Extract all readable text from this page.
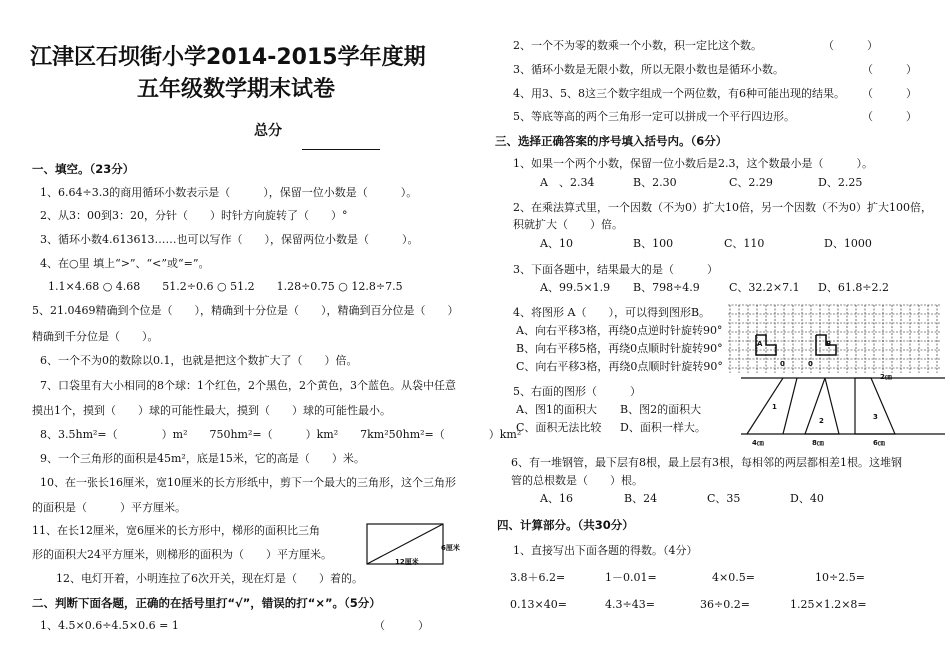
江津区石坝街小学2014-2015学年度期
五年级数学期末试卷
总分
一、填空。（23分）
1、6.64÷3.3的商用循环小数表示是（　　　），保留一位小数是（　　　）。
2、从3：00到3：20，分针（　　）时针方向旋转了（　　）°
3、循环小数4.613613……也可以写作（　　），保留两位小数是（　　　）。
4、在○里 填上“>”、“<”或“=”。
1.1×4.68 ○ 4.68　　51.2÷0.6 ○ 51.2　　1.28÷0.75 ○ 12.8÷7.5
5、21.0469精确到个位是（　　），精确到十分位是（　　），精确到百分位是（　　）
精确到千分位是（　　）。
6、一个不为0的数除以0.1，也就是把这个数扩大了（　　）倍。
7、口袋里有大小相同的8个球：1个红色，2个黑色，2个黄色，3个蓝色。从袋中任意
摸出1个，摸到（　　）球的可能性最大，摸到（　　）球的可能性最小。
8、3.5hm²=（　　　　）m²　　750hm²=（　　　）km²　　7km²50hm²=（　　　　）km²
9、一个三角形的面积是45m²，底是15米，它的高是（　　）米。
10、在一张长16厘米，宽10厘米的长方形纸中，剪下一个最大的三角形，这个三角形
的面积是（　　　）平方厘米。
11、在长12厘米，宽6厘米的长方形中，梯形的面积比三角
形的面积大24平方厘米，则梯形的面积为（　　）平方厘米。	6厘米
12厘米
12、电灯开着，小明连拉了6次开关，现在灯是（　　）着的。
二、判断下面各题，正确的在括号里打“√”，错误的打“×”。（5分）
1、4.5×0.6÷4.5×0.6 = 1	（　　　）
2、一个不为零的数乘一个小数，积一定比这个数。	（　　　）
3、循环小数是无限小数，所以无限小数也是循环小数。	（　　　）
4、用3、5、8这三个数字组成一个两位数，有6种可能出现的结果。 （　　　）
5、等底等高的两个三角形一定可以拼成一个平行四边形。	（　　　）
三、选择正确答案的序号填入括号内。（6分）
1、如果一个两个小数，保留一位小数后是2.3，这个数最小是（　　　）。
A　、2.34	B、2.30	C、2.29	D、2.25
2、在乘法算式里，一个因数（不为0）扩大10倍，另一个因数（不为0）扩大100倍，
积就扩大（　　）倍。
A、10	B、100	C、110	D、1000
3、下面各题中，结果最大的是（　　　）
A、99.5×1.9 B、798÷4.9	C、32.2×7.1 D、61.8÷2.2
4、将图形 A（　　），可以得到图形B。
A	B
0	0
A、向右平移3格，再绕0点逆时针旋转90°
B、向右平移5格，再绕0点顺时针旋转90°
C、向右平移3格，再绕0点顺时针旋转90°
5、右面的图形（　　　）
A、图1的面积大 B、图2的面积大
C、面积无法比较 D、面积一样大。
2㎝
1
2	3
4㎝	8㎝	6㎝
6、有一堆钢管，最下层有8根，最上层有3根，每相邻的两层都相差1根。这堆钢
管的总根数是（　　）根。
A、16	B、24	C、35	D、40
四、计算部分。（共30分）
1、直接写出下面各题的得数。（4分）
3.8＋6.2=	1－0.01=	4×0.5=	10÷2.5=
0.13×40=	4.3÷43=	36÷0.2=	1.25×1.2×8=
